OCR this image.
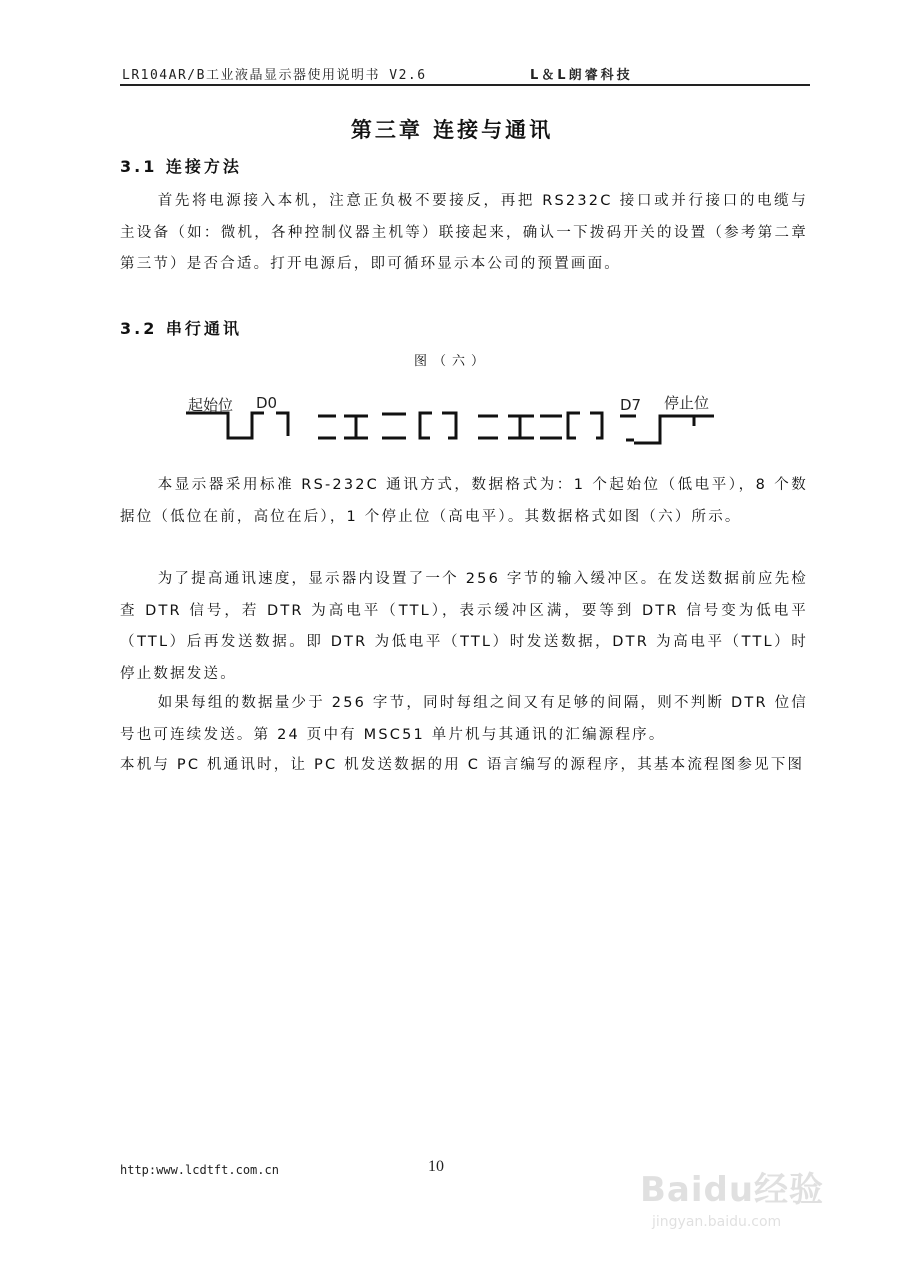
LR104AR/B工业液晶显示器使用说明书 V2.6	L＆L朗睿科技
第三章 连接与通讯
3.1 连接方法

首先将电源接入本机，注意正负极不要接反，再把 RS232C 接口或并行接口的电缆与主设备（如：微机，各种控制仪器主机等）联接起来，确认一下拨码开关的设置（参考第二章第三节）是否合适。打开电源后，即可循环显示本公司的预置画面。

3.2 串行通讯
图（六）
起始位 D0	D7 停止位

本显示器采用标准 RS-232C 通讯方式，数据格式为：1 个起始位（低电平），8 个数据位（低位在前，高位在后），1 个停止位（高电平）。其数据格式如图（六）所示。

为了提高通讯速度，显示器内设置了一个 256 字节的输入缓冲区。在发送数据前应先检查 DTR 信号，若 DTR 为高电平（TTL），表示缓冲区满，要等到 DTR 信号变为低电平（TTL）后再发送数据。即 DTR 为低电平（TTL）时发送数据，DTR 为高电平（TTL）时停止数据发送。

如果每组的数据量少于 256 字节，同时每组之间又有足够的间隔，则不判断 DTR 位信号也可连续发送。第 24 页中有 MSC51 单片机与其通讯的汇编源程序。

本机与 PC 机通讯时，让 PC 机发送数据的用 C 语言编写的源程序，其基本流程图参见下图

http:www.lcdtft.com.cn	10
Baidu经验
jingyan.baidu.com
